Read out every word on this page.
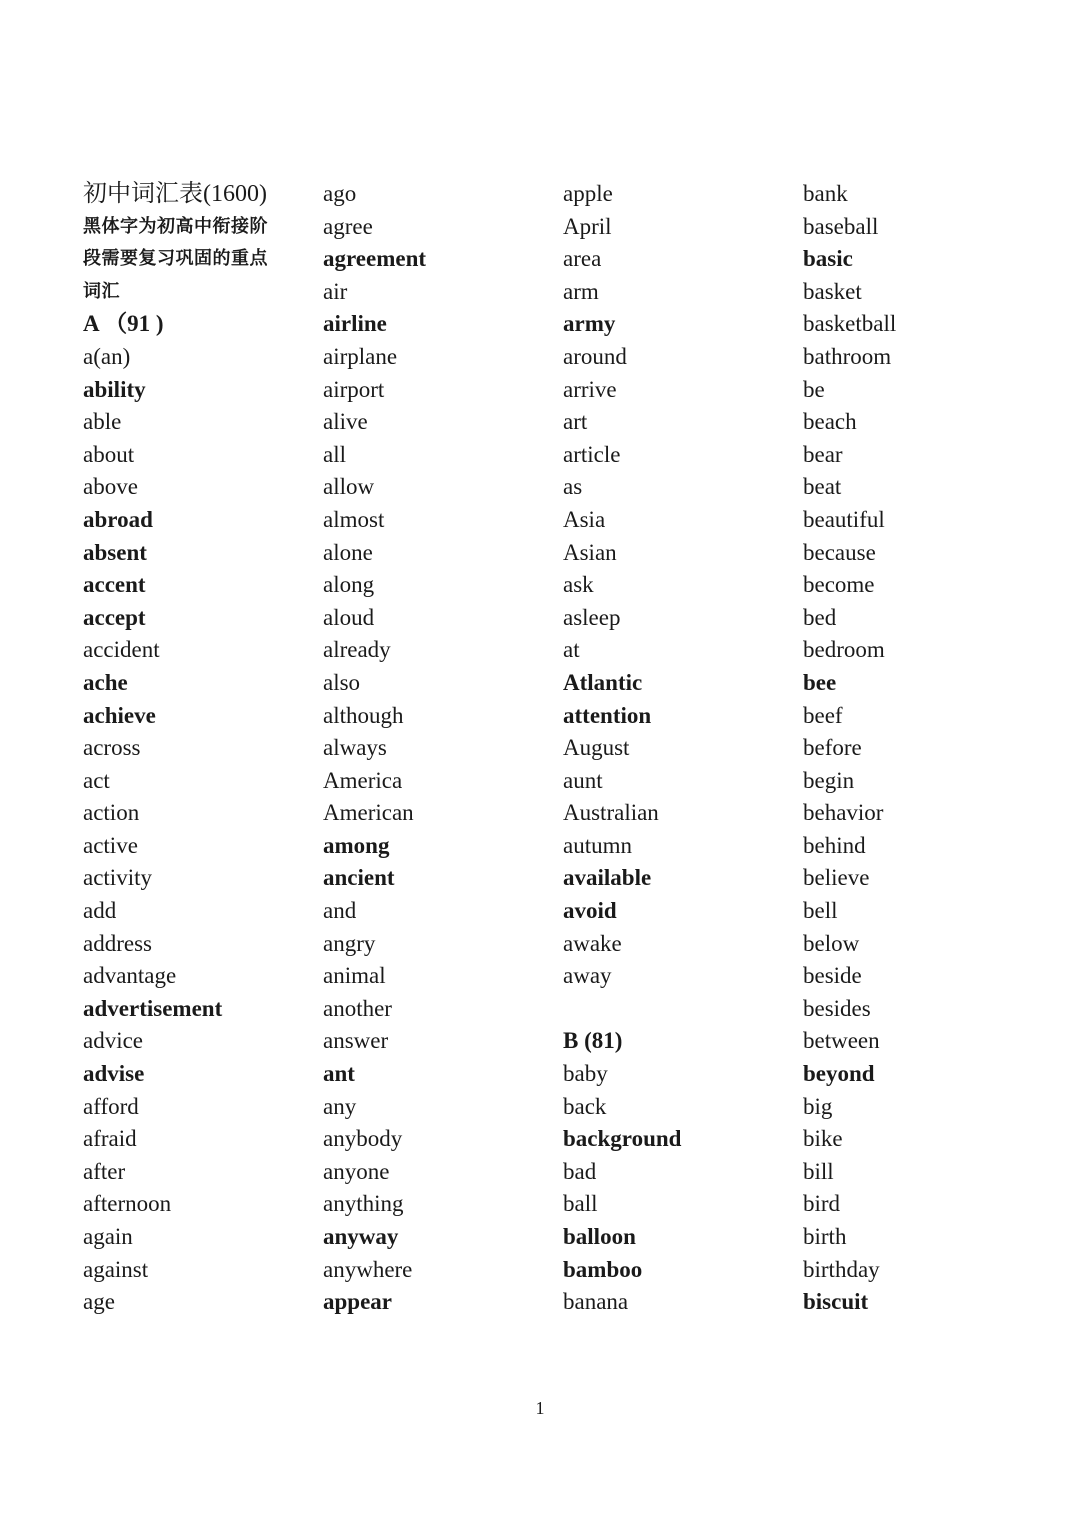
初中词汇表(1600)
黑体字为初高中衔接阶
段需要复习巩固的重点
词汇
A （91 )
a(an)
ability
able
about
above
abroad
absent
accent
accept
accident
ache
achieve
across
act
action
active
activity
add
address
advantage
advertisement
advice
advise
afford
afraid
after
afternoon
again
against
age
ago
agree
agreement
air
airline
airplane
airport
alive
all
allow
almost
alone
along
aloud
already
also
although
always
America
American
among
ancient
and
angry
animal
another
answer
ant
any
anybody
anyone
anything
anyway
anywhere
appear
apple
April
area
arm
army
around
arrive
art
article
as
Asia
Asian
ask
asleep
at
Atlantic
attention
August
aunt
Australian
autumn
available
avoid
awake
away
B (81)
baby
back
background
bad
ball
balloon
bamboo
banana
bank
baseball
basic
basket
basketball
bathroom
be
beach
bear
beat
beautiful
because
become
bed
bedroom
bee
beef
before
begin
behavior
behind
believe
bell
below
beside
besides
between
beyond
big
bike
bill
bird
birth
birthday
biscuit
1
